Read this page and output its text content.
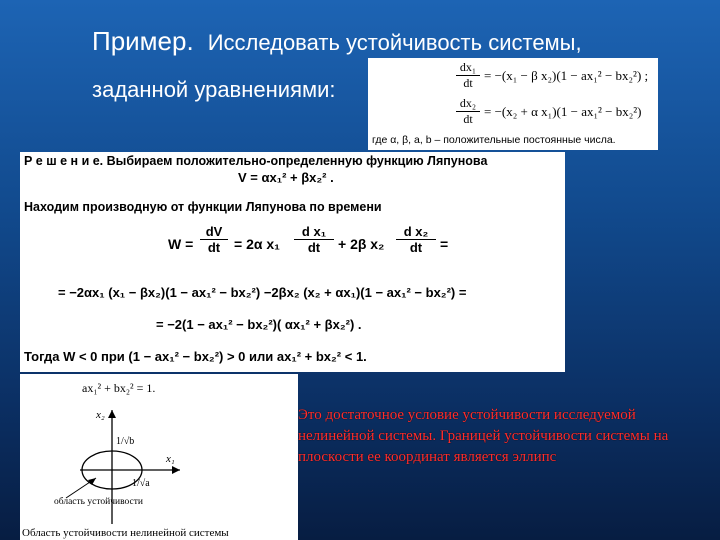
Пример. Исследовать устойчивость системы,
заданной уравнениями:	$\frac{\text{dx₁}}{dt} = -(x_1 - \beta$ x₂)(1 − ax₁² − bx₂²) ;
$\frac{\text{dx₂}}{dt} = -(x_2 + \alpha$ x₁)(1 − ax₁² − bx₂²)
где α, β, a, b – положительные постоянные числа.
Р е ш е н и е. Выбираем положительно-определенную функцию Ляпунова
V = αx₁² + βx₂² .
Находим производную от функции Ляпунова по времени
$W = \frac{dV}{dt} = 2\alpha$ $x_1 \frac{\text{d x₁}}{dt} + 2\beta$ $x_2 \frac{\text{d x₂}}{dt}$ =
= −2αx₁ (x₁ − βx₂)(1 − ax₁² − bx₂²) −2βx₂ (x₂ + αx₁)(1 − ax₁² − bx₂²) =
= −2(1 − ax₁² − bx₂²)( αx₁² + βx₂²) .
Тогда W < 0 при (1 − ax₁² − bx₂²) > 0 или ax₁² + bx₂² < 1.
ax₁² + bx₂² = 1.
x₂
x₁
1/√b
1/√a
область устойчивости
Область устойчивости нелинейной системы
Это достаточное условие устойчивости исследуемой нелинейной системы. Границей устойчивости системы на плоскости ее координат является эллипс
